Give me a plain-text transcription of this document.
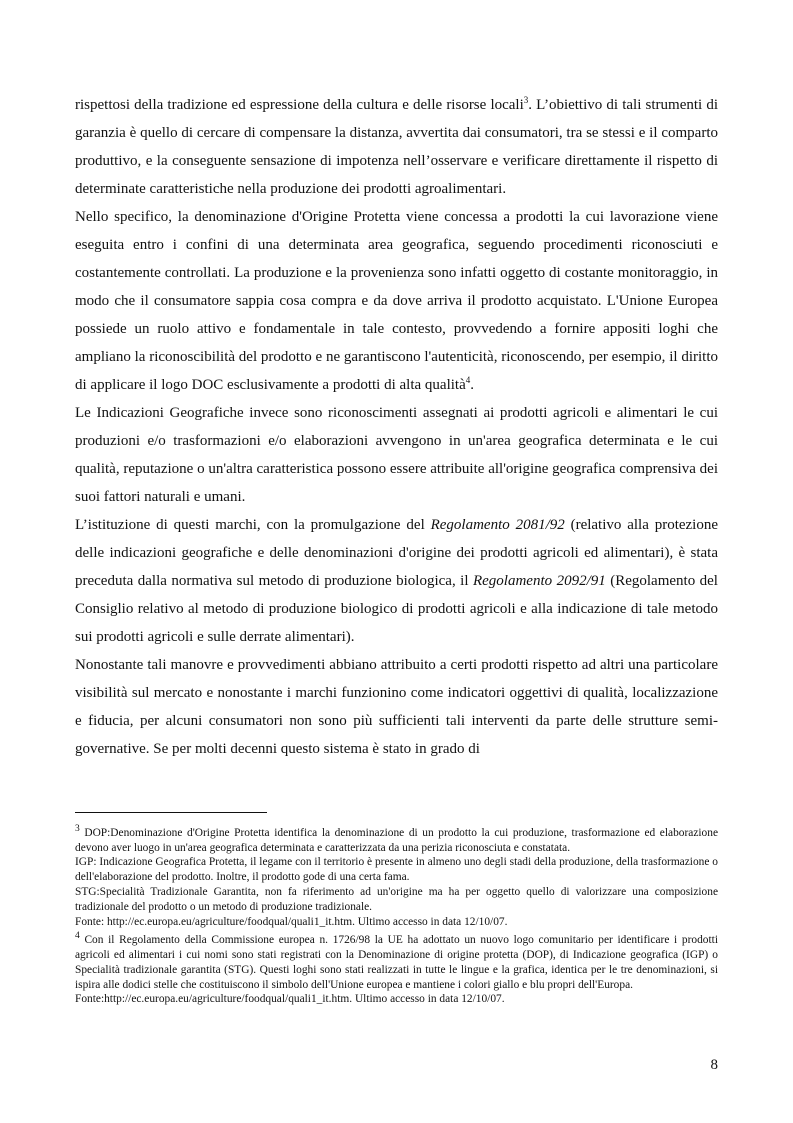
rispettosi della tradizione ed espressione della cultura e delle risorse locali$^3$. L’obiettivo di tali strumenti di garanzia è quello di cercare di compensare la distanza, avvertita dai consumatori, tra se stessi e il comparto produttivo, e la conseguente sensazione di impotenza nell’osservare e verificare direttamente il rispetto di determinate caratteristiche nella produzione dei prodotti agroalimentari.

Nello specifico, la denominazione d'Origine Protetta viene concessa a prodotti la cui lavorazione viene eseguita entro i confini di una determinata area geografica, seguendo procedimenti riconosciuti e costantemente controllati. La produzione e la provenienza sono infatti oggetto di costante monitoraggio, in modo che il consumatore sappia cosa compra e da dove arriva il prodotto acquistato. L'Unione Europea possiede un ruolo attivo e fondamentale in tale contesto, provvedendo a fornire appositi loghi che ampliano la riconoscibilità del prodotto e ne garantiscono l'autenticità, riconoscendo, per esempio, il diritto di applicare il logo DOC esclusivamente a prodotti di alta qualità$^4$.

Le Indicazioni Geografiche invece sono riconoscimenti assegnati ai prodotti agricoli e alimentari le cui produzioni e/o trasformazioni e/o elaborazioni avvengono in un'area geografica determinata e le cui qualità, reputazione o un'altra caratteristica possono essere attribuite all'origine geografica comprensiva dei suoi fattori naturali e umani.

L’istituzione di questi marchi, con la promulgazione del Regolamento 2081/92 (relativo alla protezione delle indicazioni geografiche e delle denominazioni d'origine dei prodotti agricoli ed alimentari), è stata preceduta dalla normativa sul metodo di produzione biologica, il Regolamento 2092/91 (Regolamento del Consiglio relativo al metodo di produzione biologico di prodotti agricoli e alla indicazione di tale metodo sui prodotti agricoli e sulle derrate alimentari).

Nonostante tali manovre e provvedimenti abbiano attribuito a certi prodotti rispetto ad altri una particolare visibilità sul mercato e nonostante i marchi funzionino come indicatori oggettivi di qualità, localizzazione e fiducia, per alcuni consumatori non sono più sufficienti tali interventi da parte delle strutture semi-governative. Se per molti decenni questo sistema è stato in grado di

$^3$ DOP:Denominazione d'Origine Protetta identifica la denominazione di un prodotto la cui produzione, trasformazione ed elaborazione devono aver luogo in un'area geografica determinata e caratterizzata da una perizia riconosciuta e constatata.

IGP: Indicazione Geografica Protetta, il legame con il territorio è presente in almeno uno degli stadi della produzione, della trasformazione o dell'elaborazione del prodotto. Inoltre, il prodotto gode di una certa fama.

STG:Specialità Tradizionale Garantita, non fa riferimento ad un'origine ma ha per oggetto quello di valorizzare una composizione tradizionale del prodotto o un metodo di produzione tradizionale.

Fonte: http://ec.europa.eu/agriculture/foodqual/quali1_it.htm. Ultimo accesso in data 12/10/07.

$^4$ Con il Regolamento della Commissione europea n. 1726/98 la UE ha adottato un nuovo logo comunitario per identificare i prodotti agricoli ed alimentari i cui nomi sono stati registrati con la Denominazione di origine protetta (DOP), di Indicazione geografica (IGP) o Specialità tradizionale garantita (STG). Questi loghi sono stati realizzati in tutte le lingue e la grafica, identica per le tre denominazioni, si ispira alle dodici stelle che costituiscono il simbolo dell'Unione europea e mantiene i colori giallo e blu propri dell'Europa.

Fonte:http://ec.europa.eu/agriculture/foodqual/quali1_it.htm. Ultimo accesso in data 12/10/07.

8
